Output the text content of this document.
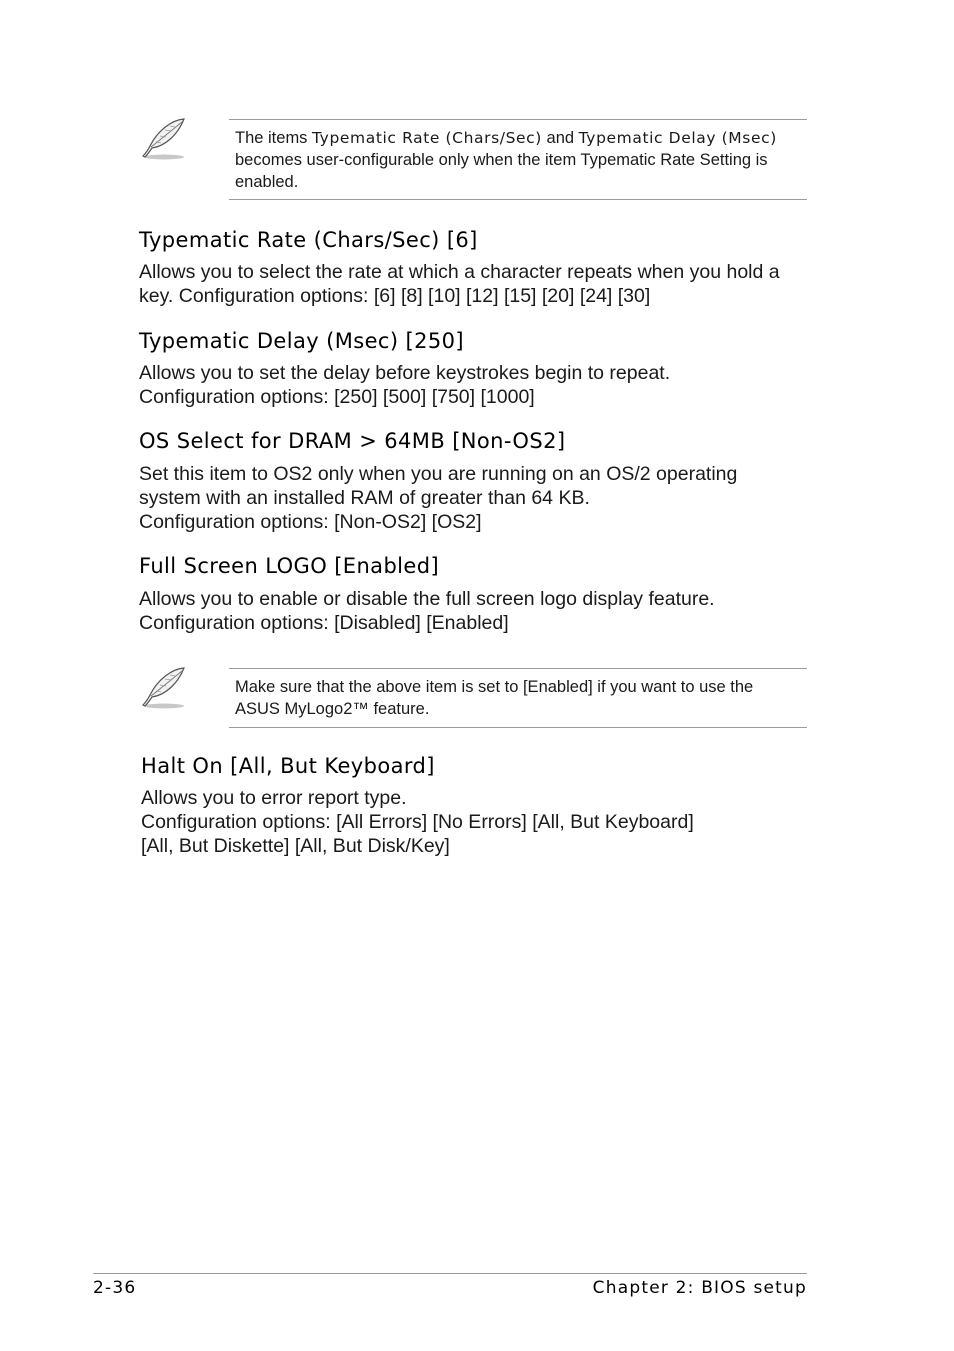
The items Typematic Rate (Chars/Sec) and Typematic Delay (Msec) becomes user-configurable only when the item Typematic Rate Setting is enabled.

Typematic Rate (Chars/Sec) [6]

Allows you to select the rate at which a character repeats when you hold a
key. Configuration options: [6] [8] [10] [12] [15] [20] [24] [30]

Typematic Delay (Msec) [250]

Allows you to set the delay before keystrokes begin to repeat.
Configuration options: [250] [500] [750] [1000]

OS Select for DRAM > 64MB [Non-OS2]

Set this item to OS2 only when you are running on an OS/2 operating
system with an installed RAM of greater than 64 KB.
Configuration options: [Non-OS2] [OS2]

Full Screen LOGO [Enabled]

Allows you to enable or disable the full screen logo display feature.
Configuration options: [Disabled] [Enabled]

Make sure that the above item is set to [Enabled] if you want to use the
ASUS MyLogo2™ feature.

Halt On [All, But Keyboard]

Allows you to error report type.
Configuration options: [All Errors] [No Errors] [All, But Keyboard]
[All, But Diskette] [All, But Disk/Key]

2-36	Chapter 2: BIOS setup
